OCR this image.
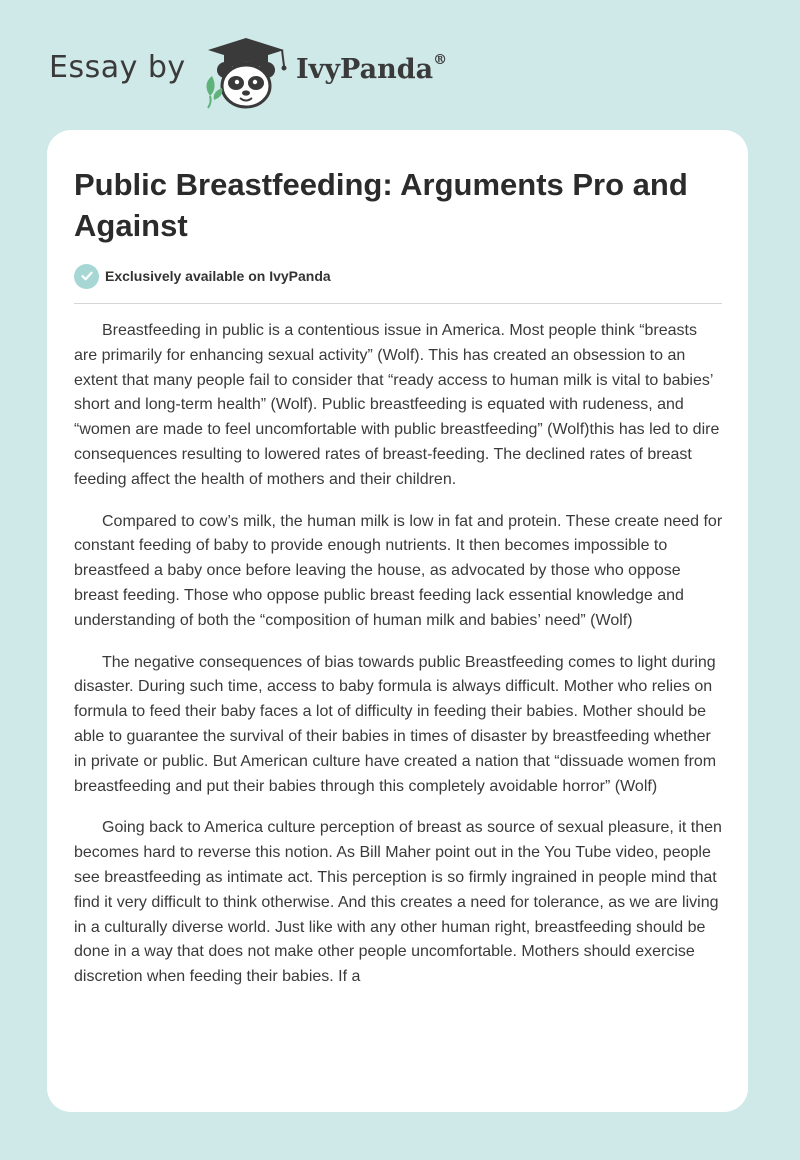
Essay by	IvyPanda®
Public Breastfeeding: Arguments Pro and Against
Exclusively available on IvyPanda

Breastfeeding in public is a contentious issue in America. Most people think “breasts are primarily for enhancing sexual activity” (Wolf). This has created an obsession to an extent that many people fail to consider that “ready access to human milk is vital to babies’ short and long-term health” (Wolf). Public breastfeeding is equated with rudeness, and “women are made to feel uncomfortable with public breastfeeding” (Wolf)this has led to dire consequences resulting to lowered rates of breast-feeding. The declined rates of breast feeding affect the health of mothers and their children.

Compared to cow’s milk, the human milk is low in fat and protein. These create need for constant feeding of baby to provide enough nutrients. It then becomes impossible to breastfeed a baby once before leaving the house, as advocated by those who oppose breast feeding. Those who oppose public breast feeding lack essential knowledge and understanding of both the “composition of human milk and babies’ need” (Wolf)

The negative consequences of bias towards public Breastfeeding comes to light during disaster. During such time, access to baby formula is always difficult. Mother who relies on formula to feed their baby faces a lot of difficulty in feeding their babies. Mother should be able to guarantee the survival of their babies in times of disaster by breastfeeding whether in private or public. But American culture have created a nation that “dissuade women from breastfeeding and put their babies through this completely avoidable horror” (Wolf)

Going back to America culture perception of breast as source of sexual pleasure, it then becomes hard to reverse this notion. As Bill Maher point out in the You Tube video, people see breastfeeding as intimate act. This perception is so firmly ingrained in people mind that find it very difficult to think otherwise. And this creates a need for tolerance, as we are living in a culturally diverse world. Just like with any other human right, breastfeeding should be done in a way that does not make other people uncomfortable. Mothers should exercise discretion when feeding their babies. If a
